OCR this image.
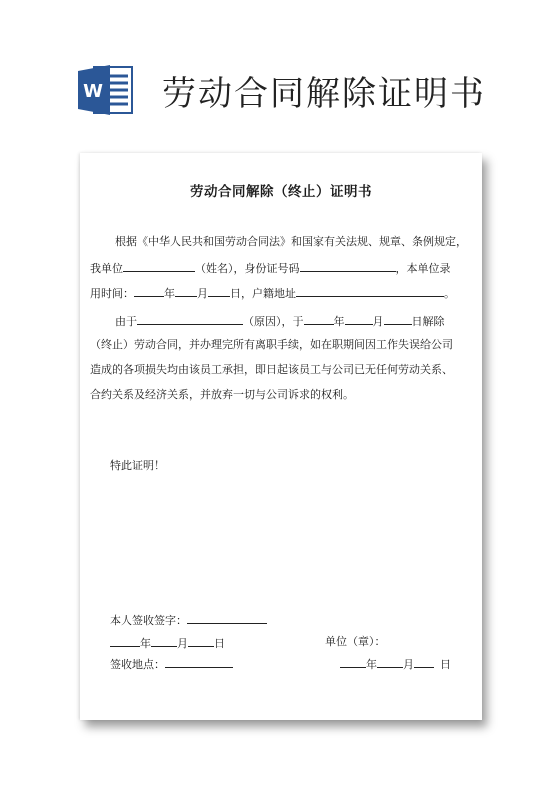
W 劳动合同解除证明书
劳动合同解除（终止）证明书
根据《中华人民共和国劳动合同法》和国家有关法规、规章、条例规定，
我单位	（姓名），身份证号码	，本单位录
用时间：	年 月 日，户籍地址	。
由于	（原因），于	年	月	日解除
（终止）劳动合同，并办理完所有离职手续，如在职期间因工作失误给公司
造成的各项损失均由该员工承担，即日起该员工与公司已无任何劳动关系、
合约关系及经济关系，并放弃一切与公司诉求的权利。
特此证明！
本人签收签字：
年 月 日	单位（章）：
签收地点：	年 月 日
